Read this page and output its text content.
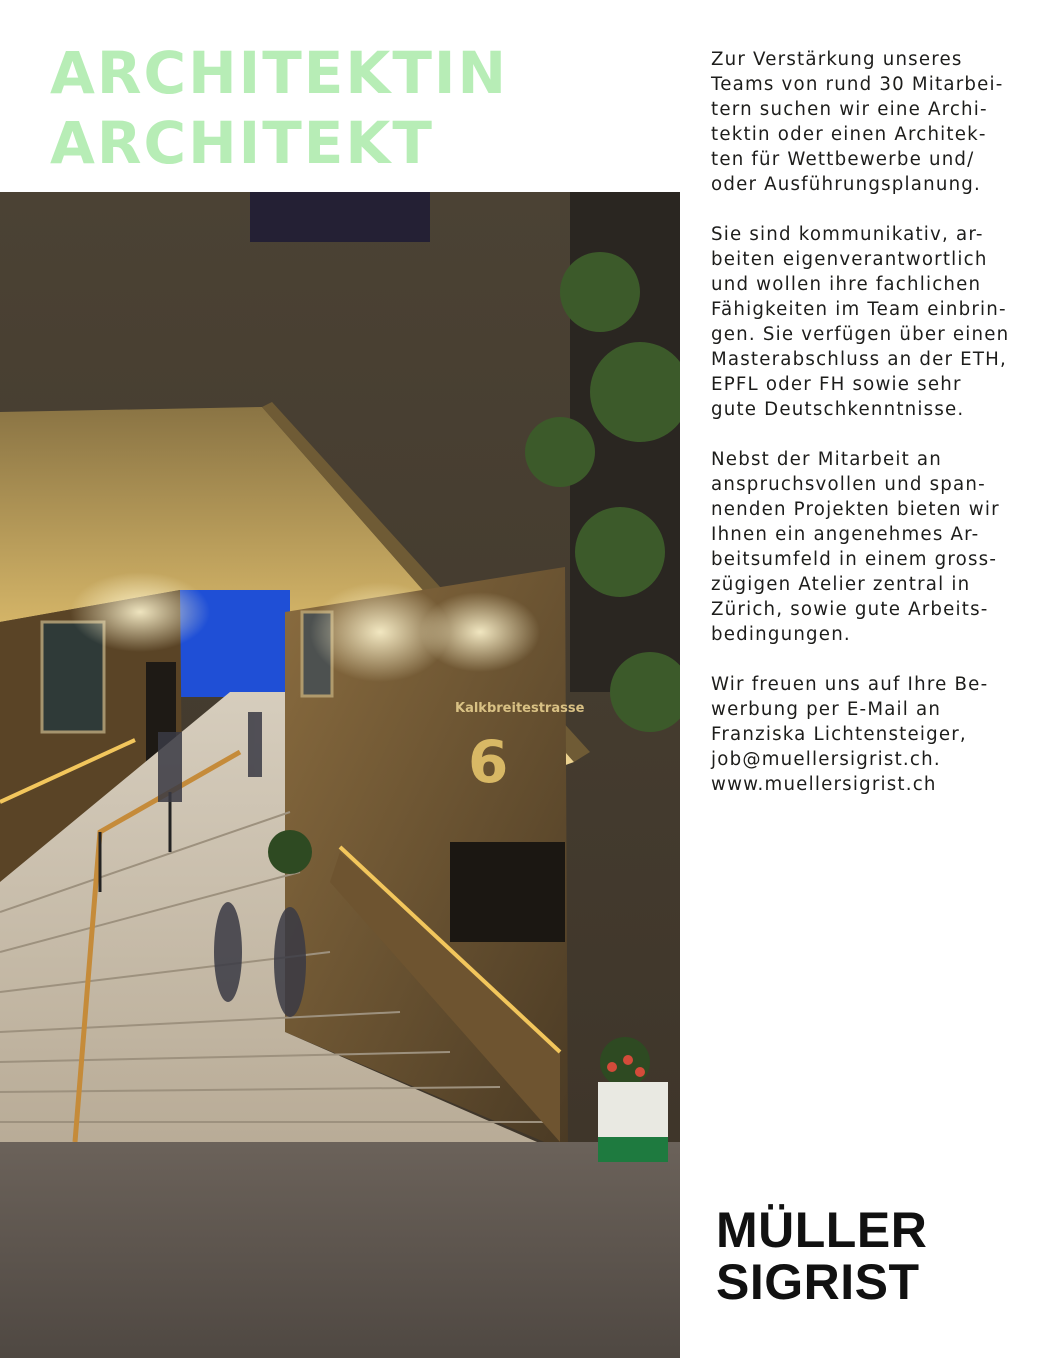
ARCHITEKTIN
ARCHITEKT

Zur Verstärkung unseres
Teams von rund 30 Mitarbei-
tern suchen wir eine Archi-
tektin oder einen Architek-
ten für Wettbewerbe und/
oder Ausführungsplanung.

Sie sind kommunikativ, ar-
beiten eigenverantwortlich
und wollen ihre fachlichen
Fähigkeiten im Team einbrin-
gen. Sie verfügen über einen
Masterabschluss an der ETH,
EPFL oder FH sowie sehr
gute Deutschkenntnisse.

Nebst der Mitarbeit an
anspruchsvollen und span-
nenden Projekten bieten wir
Ihnen ein angenehmes Ar-
beitsumfeld in einem gross-
zügigen Atelier zentral in
Zürich, sowie gute Arbeits-
bedingungen.

Wir freuen uns auf Ihre Be-
werbung per E-Mail an
Franziska Lichtensteiger,
job@muellersigrist.ch.
www.muellersigrist.ch

Kalkbreitestrasse
6
MÜLLER
SIGRIST
